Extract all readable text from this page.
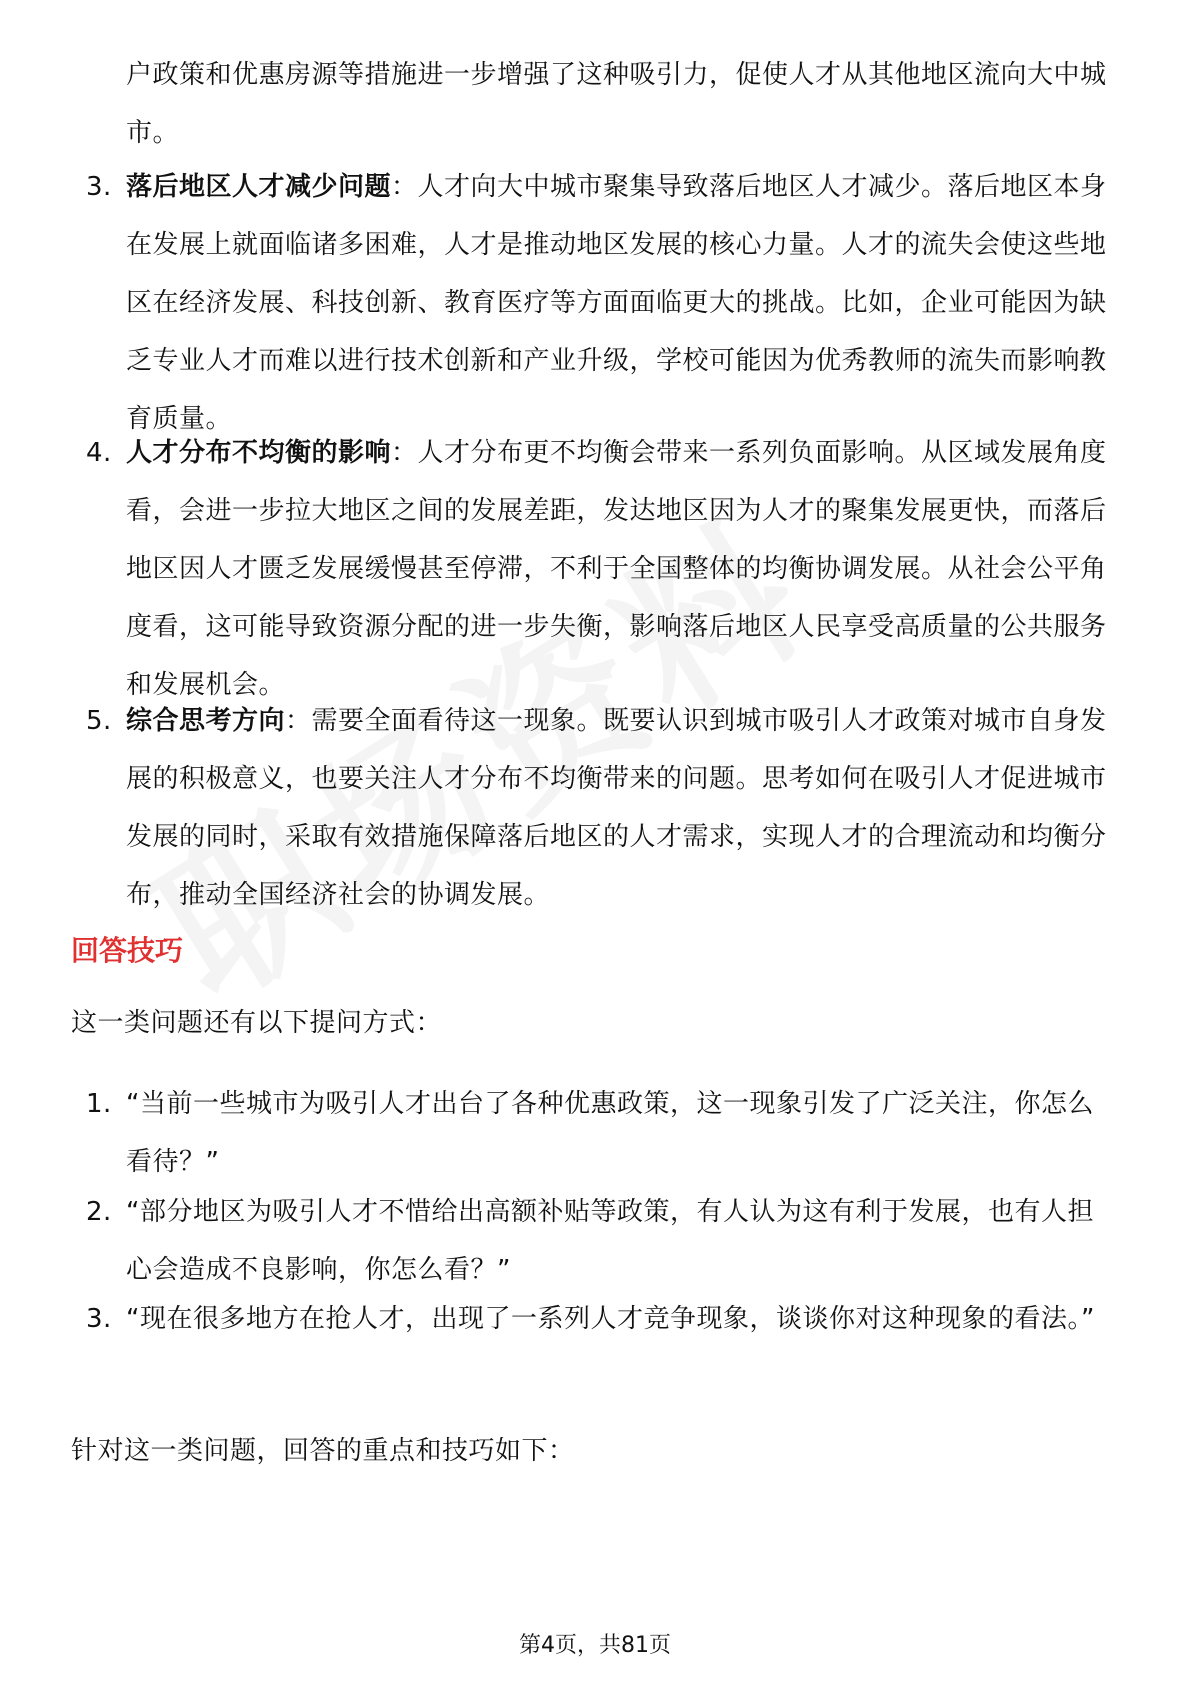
户政策和优惠房源等措施进一步增强了这种吸引力，促使人才从其他地区流向大中城市。
3. 落后地区人才减少问题：人才向大中城市聚集导致落后地区人才减少。落后地区本身在发展上就面临诸多困难，人才是推动地区发展的核心力量。人才的流失会使这些地区在经济发展、科技创新、教育医疗等方面面临更大的挑战。比如，企业可能因为缺乏专业人才而难以进行技术创新和产业升级，学校可能因为优秀教师的流失而影响教育质量。
4. 人才分布不均衡的影响：人才分布更不均衡会带来一系列负面影响。从区域发展角度看，会进一步拉大地区之间的发展差距，发达地区因为人才的聚集发展更快，而落后地区因人才匮乏发展缓慢甚至停滞，不利于全国整体的均衡协调发展。从社会公平角度看，这可能导致资源分配的进一步失衡，影响落后地区人民享受高质量的公共服务和发展机会。
5. 综合思考方向：需要全面看待这一现象。既要认识到城市吸引人才政策对城市自身发展的积极意义，也要关注人才分布不均衡带来的问题。思考如何在吸引人才促进城市发展的同时，采取有效措施保障落后地区的人才需求，实现人才的合理流动和均衡分布，推动全国经济社会的协调发展。
回答技巧
这一类问题还有以下提问方式：
1. “当前一些城市为吸引人才出台了各种优惠政策，这一现象引发了广泛关注，你怎么看待？”
2. “部分地区为吸引人才不惜给出高额补贴等政策，有人认为这有利于发展，也有人担心会造成不良影响，你怎么看？”
3. “现在很多地方在抢人才，出现了一系列人才竞争现象，谈谈你对这种现象的看法。”
针对这一类问题，回答的重点和技巧如下：
第4页，共81页
